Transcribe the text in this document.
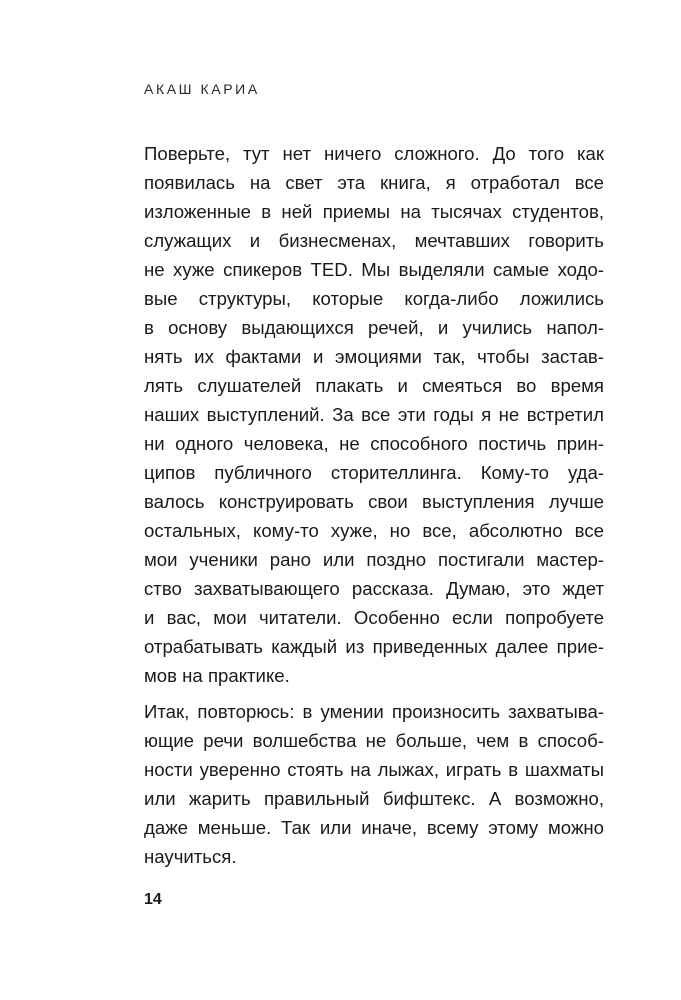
АКАШ КАРИА
Поверьте, тут нет ничего сложного. До того как
появилась на свет эта книга, я отработал все
изложенные в ней приемы на тысячах студентов,
служащих и бизнесменах, мечтавших говорить
не хуже спикеров TED. Мы выделяли самые ходо-
вые структуры, которые когда-либо ложились
в основу выдающихся речей, и учились напол-
нять их фактами и эмоциями так, чтобы застав-
лять слушателей плакать и смеяться во время
наших выступлений. За все эти годы я не встретил
ни одного человека, не способного постичь прин-
ципов публичного сторителлинга. Кому-то уда-
валось конструировать свои выступления лучше
остальных, кому-то хуже, но все, абсолютно все
мои ученики рано или поздно постигали мастер-
ство захватывающего рассказа. Думаю, это ждет
и вас, мои читатели. Особенно если попробуете
отрабатывать каждый из приведенных далее прие-
мов на практике.
Итак, повторюсь: в умении произносить захватыва-
ющие речи волшебства не больше, чем в способ-
ности уверенно стоять на лыжах, играть в шахматы
или жарить правильный бифштекс. А возможно,
даже меньше. Так или иначе, всему этому можно
научиться.
14
